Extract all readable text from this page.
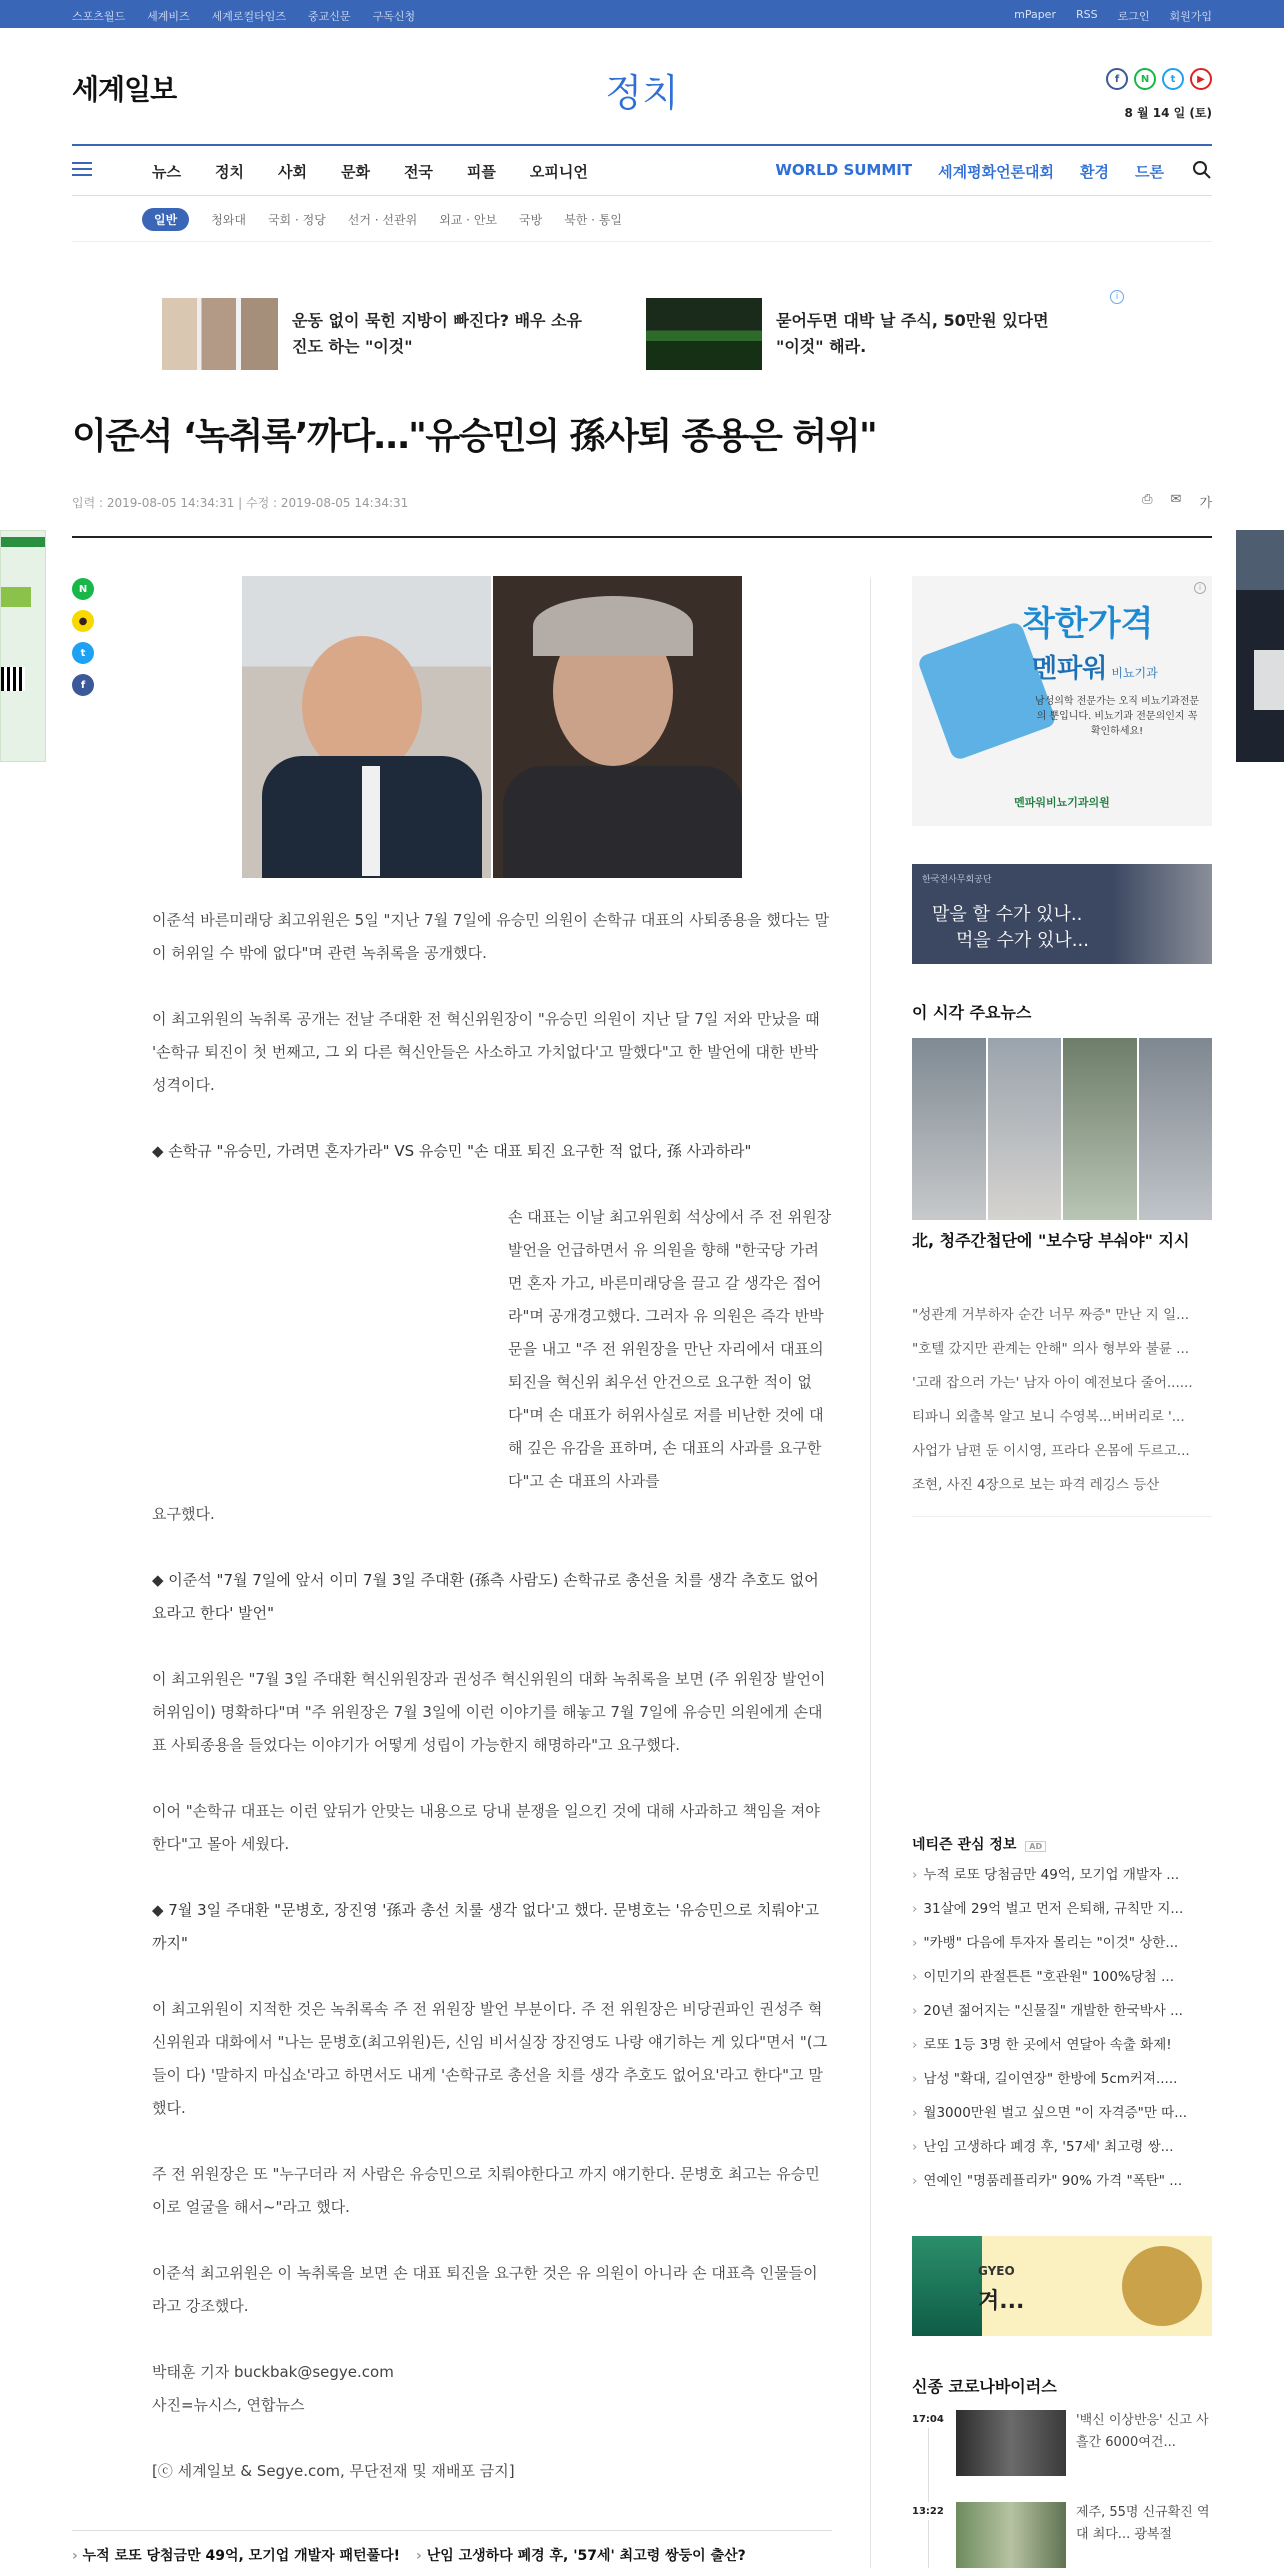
스포츠월드 세계비즈 세계로컬타임즈 중교신문 구독신청	mPaper RSS 로그인 회원가입
세계일보	정치	f	N	t	▶
8 월 14 일 (토)
뉴스 정치 사회 문화 전국 피플 오피니언	WORLD SUMMIT 세계평화언론대회 환경 드론
일반	청와대 국회 · 정당 선거 · 선관위 외교 · 안보 국방 북한 · 통일
운동 없이 묵힌 지방이 빠진다? 배우 소유진도 하는 "이것"
묻어두면 대박 날 주식, 50만원 있다면 "이것" 해라.
i
이준석 ‘녹취록’까다…"유승민의 孫사퇴 종용은 허위"
입력 : 2019-08-05 14:34:31 | 수정 : 2019-08-05 14:34:31	⎙ ✉ 가
N
●
t
f

이준석 바른미래당 최고위원은 5일 "지난 7월 7일에 유승민 의원이 손학규 대표의 사퇴종용을 했다는 말이 허위일 수 밖에 없다"며 관련 녹취록을 공개했다.

이 최고위원의 녹취록 공개는 전날 주대환 전 혁신위원장이 "유승민 의원이 지난 달 7일 저와 만났을 때 '손학규 퇴진이 첫 번째고, 그 외 다른 혁신안들은 사소하고 가치없다'고 말했다"고 한 발언에 대한 반박 성격이다.

◆ 손학규 "유승민, 가려면 혼자가라" VS 유승민 "손 대표 퇴진 요구한 적 없다, 孫 사과하라"

손 대표는 이날 최고위원회 석상에서 주 전 위원장 발언을 언급하면서 유 의원을 향해 "한국당 가려면 혼자 가고, 바른미래당을 끌고 갈 생각은 접어라"며 공개경고했다. 그러자 유 의원은 즉각 반박문을 내고 "주 전 위원장을 만난 자리에서 대표의 퇴진을 혁신위 최우선 안건으로 요구한 적이 없다"며 손 대표가 허위사실로 저를 비난한 것에 대해 깊은 유감을 표하며, 손 대표의 사과를 요구한다"고 손 대표의 사과를

요구했다.

◆ 이준석 "7월 7일에 앞서 이미 7월 3일 주대환 (孫측 사람도) 손학규로 총선을 치를 생각 추호도 없어요라고 한다' 발언"

이 최고위원은 "7월 3일 주대환 혁신위원장과 권성주 혁신위원의 대화 녹취록을 보면 (주 위원장 발언이 허위임이) 명확하다"며 "주 위원장은 7월 3일에 이런 이야기를 해놓고 7월 7일에 유승민 의원에게 손대표 사퇴종용을 들었다는 이야기가 어떻게 성립이 가능한지 해명하라"고 요구했다.

이어 "손학규 대표는 이런 앞뒤가 안맞는 내용으로 당내 분쟁을 일으킨 것에 대해 사과하고 책임을 져야 한다"고 몰아 세웠다.

◆ 7월 3일 주대환 "문병호, 장진영 '孫과 총선 치룰 생각 없다'고 했다. 문병호는 '유승민으로 치뤄야'고 까지"

이 최고위원이 지적한 것은 녹취록속 주 전 위원장 발언 부분이다. 주 전 위원장은 비당권파인 권성주 혁신위원과 대화에서 "나는 문병호(최고위원)든, 신임 비서실장 장진영도 나랑 얘기하는 게 있다"면서 "(그들이 다) '말하지 마십쇼'라고 하면서도 내게 '손학규로 총선을 치를 생각 추호도 없어요'라고 한다"고 말했다.

주 전 위원장은 또 "누구더라 저 사람은 유승민으로 치뤄야한다고 까지 얘기한다. 문병호 최고는 유승민이로 얼굴을 해서~"라고 했다.

이준석 최고위원은 이 녹취록을 보면 손 대표 퇴진을 요구한 것은 유 의원이 아니라 손 대표측 인물들이라고 강조했다.

박태훈 기자 buckbak@segye.com

사진=뉴시스, 연합뉴스

[ⓒ 세계일보 & Segye.com, 무단전재 및 재배포 금지]

착한가격
멘파워 비뇨기과
남성의학 전문가는 오직 비뇨기과전문의 뿐입니다. 비뇨기과 전문의인지 꼭 확인하세요!
멘파워비뇨기과의원
i
한국전사무회공단
말을 할 수가 있나..
먹을 수가 있나...
이 시각 주요뉴스
北, 청주간첩단에 "보수당 부숴야" 지시
"성관계 거부하자 순간 너무 짜증" 만난 지 일...
"호텔 갔지만 관계는 안해" 의사 형부와 불륜 ...
'고래 잡으러 가는' 남자 아이 예전보다 줄어......
티파니 외출복 알고 보니 수영복...버버리로 '...
사업가 남편 둔 이시영, 프라다 온몸에 두르고...
조현, 사진 4장으로 보는 파격 레깅스 등산
네티즌 관심 정보 AD
› 누적 로또 당첨금만 49억, 모기업 개발자 ...
› 31살에 29억 벌고 먼저 은퇴해, 규칙만 지...
› "카뱅" 다음에 투자자 몰리는 "이것" 상한...
› 이민기의 관절튼튼 "호관원" 100%당첨 ...
› 20년 젊어지는 "신물질" 개발한 한국박사 ...
› 로또 1등 3명 한 곳에서 연달아 속출 화제!
› 남성 "확대, 길이연장" 한방에 5cm커져.....
› 월3000만원 벌고 싶으면 "이 자격증"만 따...
› 난임 고생하다 폐경 후, '57세' 최고령 쌍...
› 연예인 "명품레플리카" 90% 가격 "폭탄" ...
GYEO
겨...
신종 코로나바이러스
17:04	'백신 이상반응' 신고 사흘간 6000여건...
13:22	제주, 55명 신규확진 역대 최다... 광복절
› 누적 로또 당첨금만 49억, 모기업 개발자 패턴풀다!
›	난임 고생하다 폐경 후, '57세' 최고령 쌍둥이 출산?
